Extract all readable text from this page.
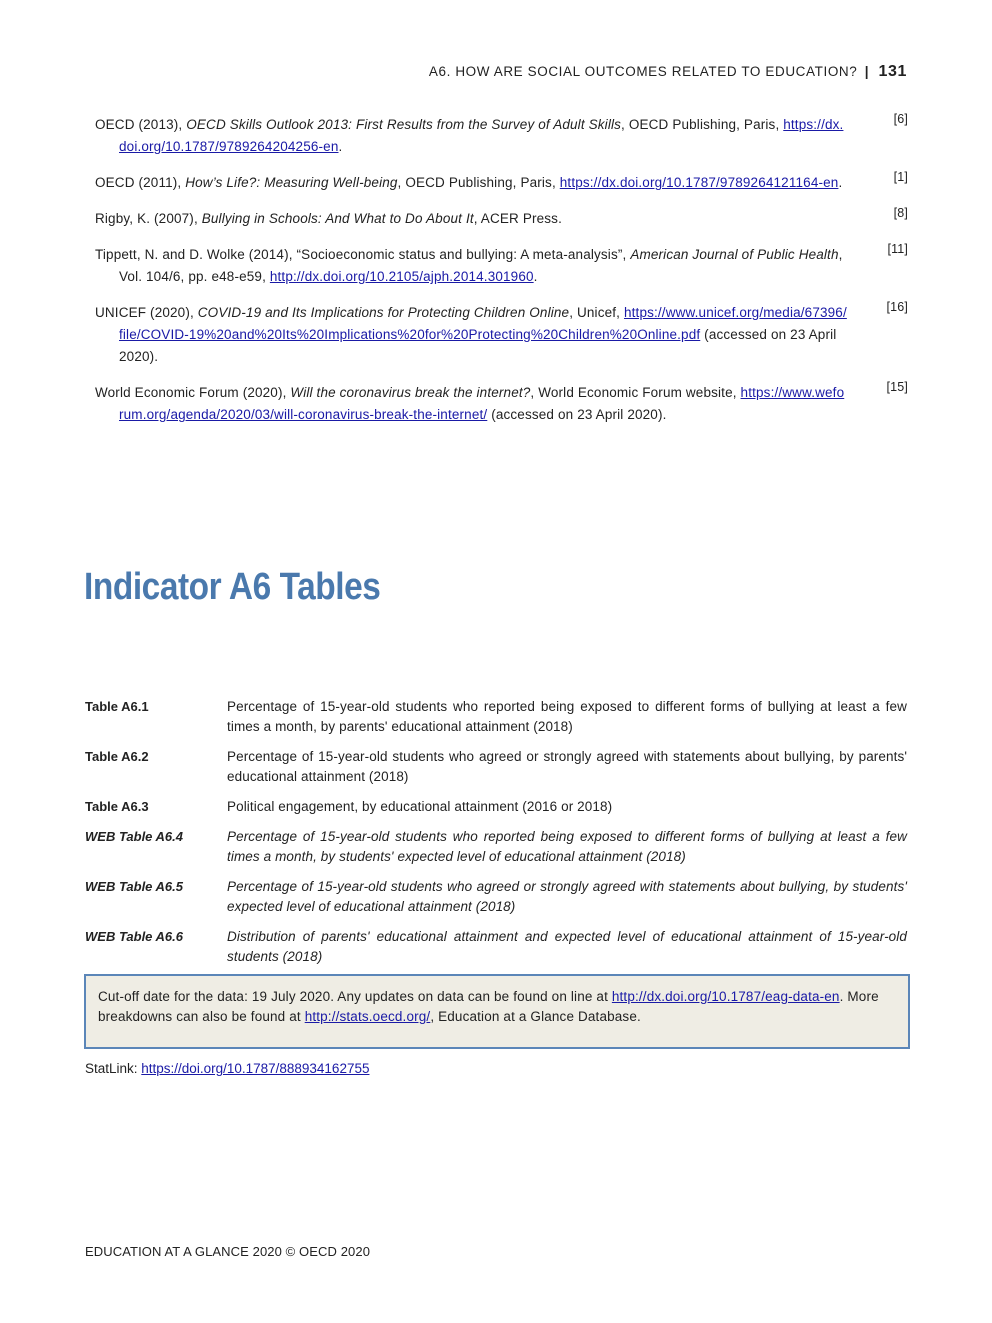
A6. HOW ARE SOCIAL OUTCOMES RELATED TO EDUCATION? | 131
OECD (2013), OECD Skills Outlook 2013: First Results from the Survey of Adult Skills, OECD Publishing, Paris, https://dx.doi.org/10.1787/9789264204256-en.
[6]
OECD (2011), How’s Life?: Measuring Well-being, OECD Publishing, Paris, https://dx.doi.org/10.1787/9789264121164-en.	[1]
Rigby, K. (2007), Bullying in Schools: And What to Do About It, ACER Press.	[8]
Tippett, N. and D. Wolke (2014), “Socioeconomic status and bullying: A meta-analysis”, American Journal of Public Health, Vol. 104/6, pp. e48-e59, http://dx.doi.org/10.2105/ajph.2014.301960.
[11]
UNICEF (2020), COVID-19 and Its Implications for Protecting Children Online, Unicef, https://www.unicef.org/media/67396/file/COVID-19%20and%20Its%20Implications%20for%20Protecting%20Children%20Online.pdf (accessed on 23 April 2020).
[16]
World Economic Forum (2020), Will the coronavirus break the internet?, World Economic Forum website, https://www.weforum.org/agenda/2020/03/will-coronavirus-break-the-internet/ (accessed on 23 April 2020).
[15]
Indicator A6 Tables
Table A6.1	Percentage of 15-year-old students who reported being exposed to different forms of bullying at least a few times a month, by parents' educational attainment (2018)
Table A6.2	Percentage of 15-year-old students who agreed or strongly agreed with statements about bullying, by parents' educational attainment (2018)
Table A6.3	Political engagement, by educational attainment (2016 or 2018)
WEB Table A6.4	Percentage of 15-year-old students who reported being exposed to different forms of bullying at least a few times a month, by students' expected level of educational attainment (2018)
WEB Table A6.5	Percentage of 15-year-old students who agreed or strongly agreed with statements about bullying, by students' expected level of educational attainment (2018)
WEB Table A6.6	Distribution of parents' educational attainment and expected level of educational attainment of 15-year-old students (2018)
Cut-off date for the data: 19 July 2020. Any updates on data can be found on line at http://dx.doi.org/10.1787/eag-data-en. More breakdowns can also be found at http://stats.oecd.org/, Education at a Glance Database.
StatLink: https://doi.org/10.1787/888934162755
EDUCATION AT A GLANCE 2020 © OECD 2020
